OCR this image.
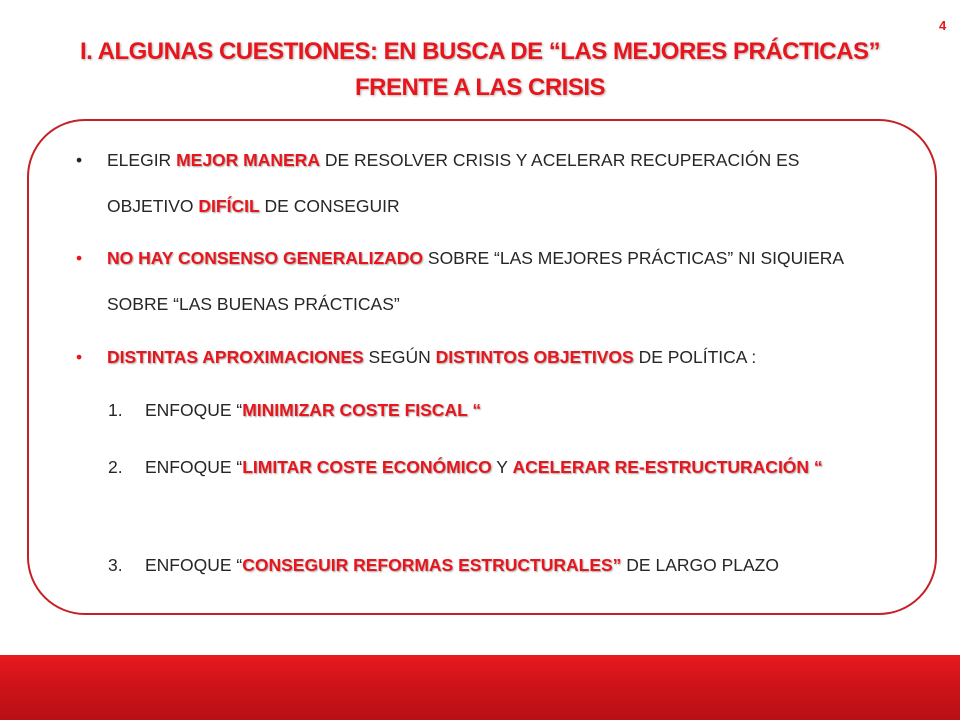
4
I. ALGUNAS CUESTIONES: EN BUSCA DE “LAS MEJORES PRÁCTICAS”
FRENTE A LAS CRISIS
•	ELEGIR MEJOR MANERA DE RESOLVER CRISIS Y ACELERAR RECUPERACIÓN ES OBJETIVO DIFÍCIL DE CONSEGUIR
•	NO HAY CONSENSO GENERALIZADO SOBRE “LAS MEJORES PRÁCTICAS” NI SIQUIERA SOBRE “LAS BUENAS PRÁCTICAS”
•	DISTINTAS APROXIMACIONES SEGÚN DISTINTOS OBJETIVOS DE POLÍTICA :
1.	ENFOQUE “MINIMIZAR COSTE FISCAL “
2.	ENFOQUE “LIMITAR COSTE ECONÓMICO Y ACELERAR RE-ESTRUCTURACIÓN “
3.	ENFOQUE “CONSEGUIR REFORMAS ESTRUCTURALES” DE LARGO PLAZO
